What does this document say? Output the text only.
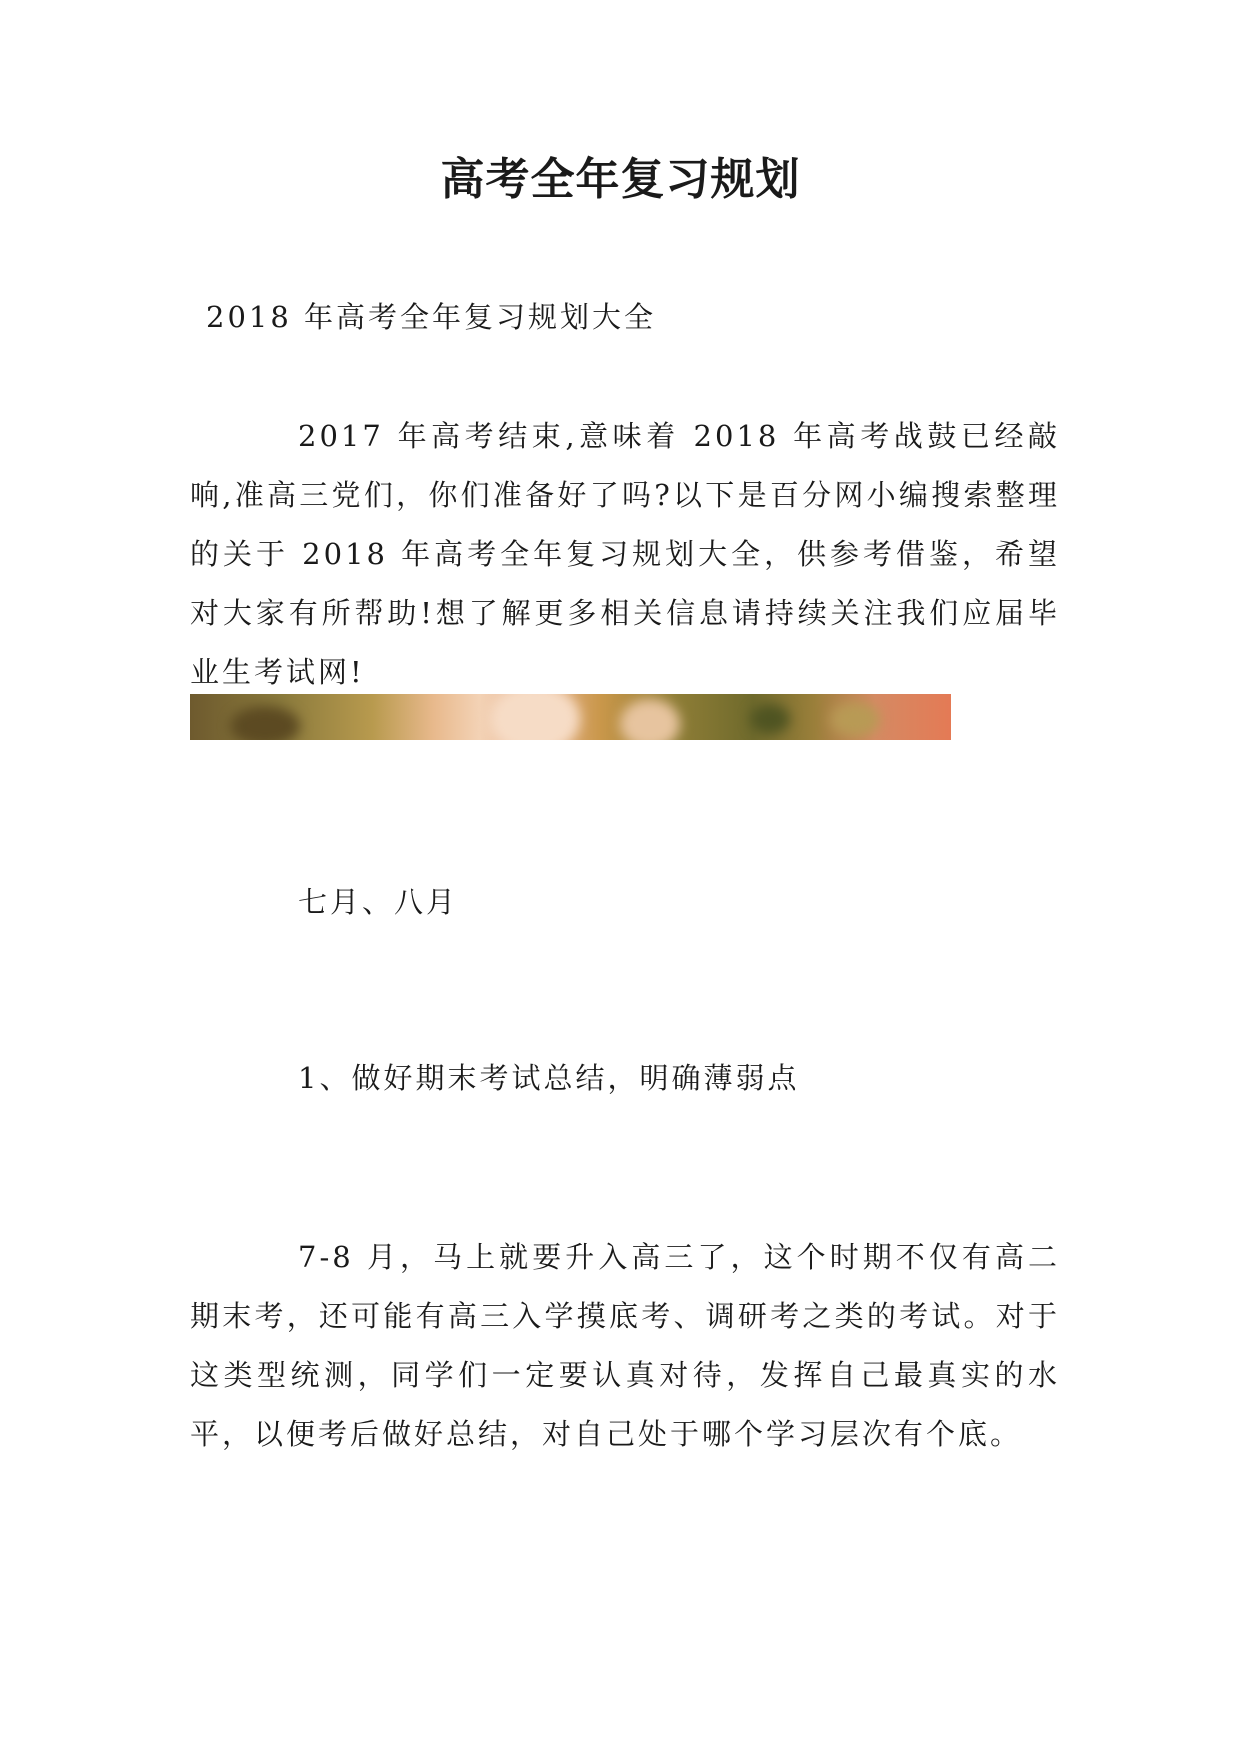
高考全年复习规划
2018 年高考全年复习规划大全
2017 年高考结束,意味着 2018 年高考战鼓已经敲响,准高三党们，你们准备好了吗?以下是百分网小编搜索整理的关于 2018 年高考全年复习规划大全，供参考借鉴，希望对大家有所帮助!想了解更多相关信息请持续关注我们应届毕业生考试网!
七月、八月
1、做好期末考试总结，明确薄弱点
7-8 月，马上就要升入高三了，这个时期不仅有高二期末考，还可能有高三入学摸底考、调研考之类的考试。对于这类型统测，同学们一定要认真对待，发挥自己最真实的水平，以便考后做好总结，对自己处于哪个学习层次有个底。
